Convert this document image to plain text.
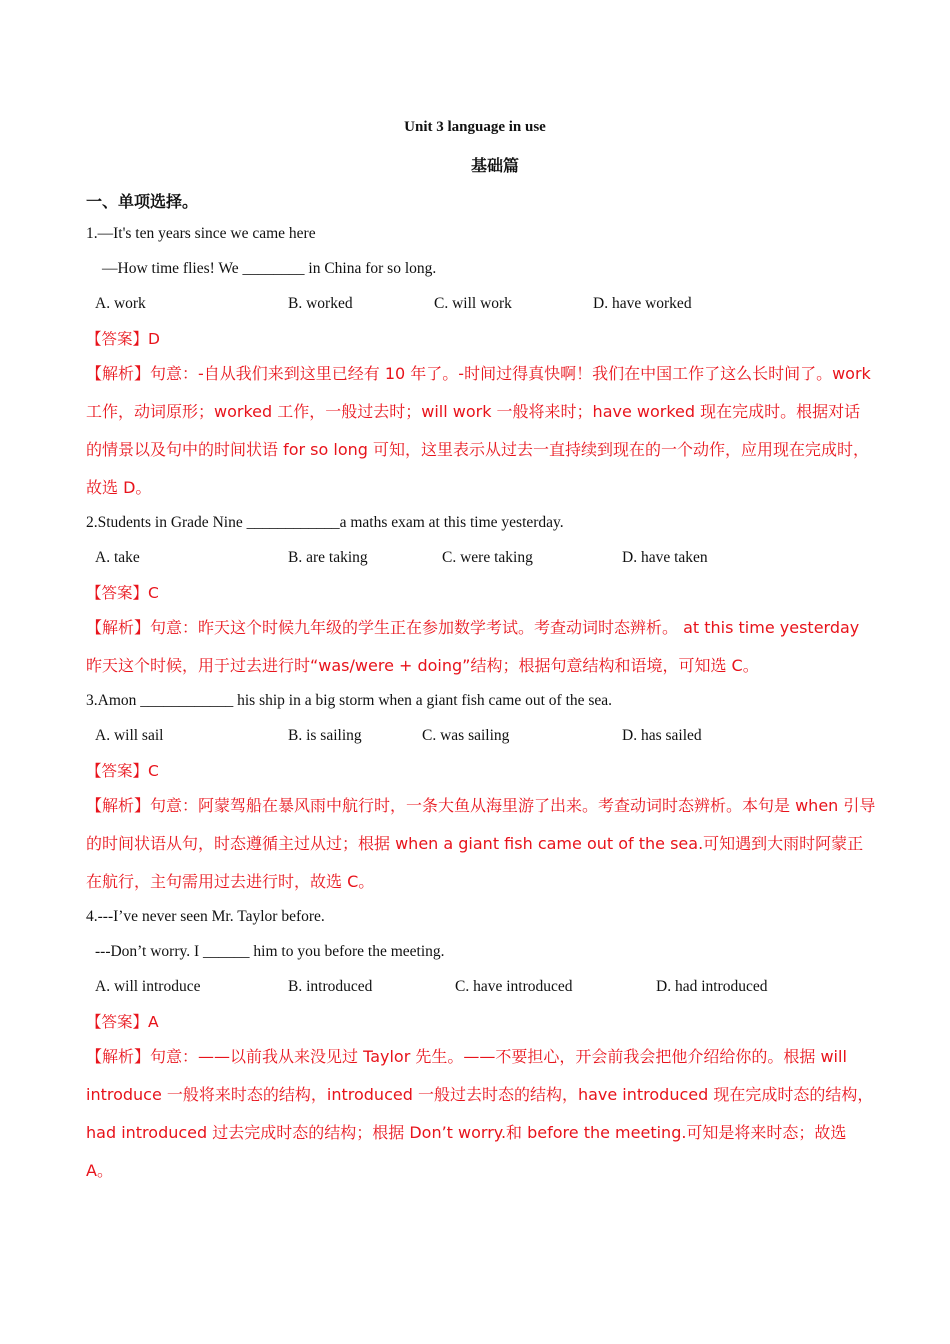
Unit 3 language in use
基础篇
一、单项选择。
1.—It's ten years since we came here
—How time flies! We ________ in China for so long.
A. work	B. worked	C. will work	D. have worked
【答案】D
【解析】句意：-自从我们来到这里已经有 10 年了。-时间过得真快啊！我们在中国工作了这么长时间了。work 工作，动词原形；worked 工作，一般过去时；will work 一般将来时；have worked 现在完成时。根据对话的情景以及句中的时间状语 for so long 可知，这里表示从过去一直持续到现在的一个动作，应用现在完成时，故选 D。
2.Students in Grade Nine ____________a maths exam at this time yesterday.
A. take	B. are taking	C. were taking	D. have taken
【答案】C
【解析】句意：昨天这个时候九年级的学生正在参加数学考试。考查动词时态辨析。 at this time yesterday 昨天这个时候，用于过去进行时“was/were + doing”结构；根据句意结构和语境，可知选 C。
3.Amon ____________ his ship in a big storm when a giant fish came out of the sea.
A. will sail	B. is sailing	C. was sailing	D. has sailed
【答案】C
【解析】句意：阿蒙驾船在暴风雨中航行时，一条大鱼从海里游了出来。考查动词时态辨析。本句是 when 引导的时间状语从句，时态遵循主过从过；根据 when a giant fish came out of the sea.可知遇到大雨时阿蒙正在航行，主句需用过去进行时，故选 C。
4.---I’ve never seen Mr. Taylor before.
---Don’t worry. I ______ him to you before the meeting.
A. will introduce	B. introduced	C. have introduced	D. had introduced
【答案】A
【解析】句意：——以前我从来没见过 Taylor 先生。——不要担心，开会前我会把他介绍给你的。根据 will introduce 一般将来时态的结构，introduced 一般过去时态的结构，have introduced 现在完成时态的结构，had introduced 过去完成时态的结构；根据 Don’t worry.和 before the meeting.可知是将来时态；故选 A。
